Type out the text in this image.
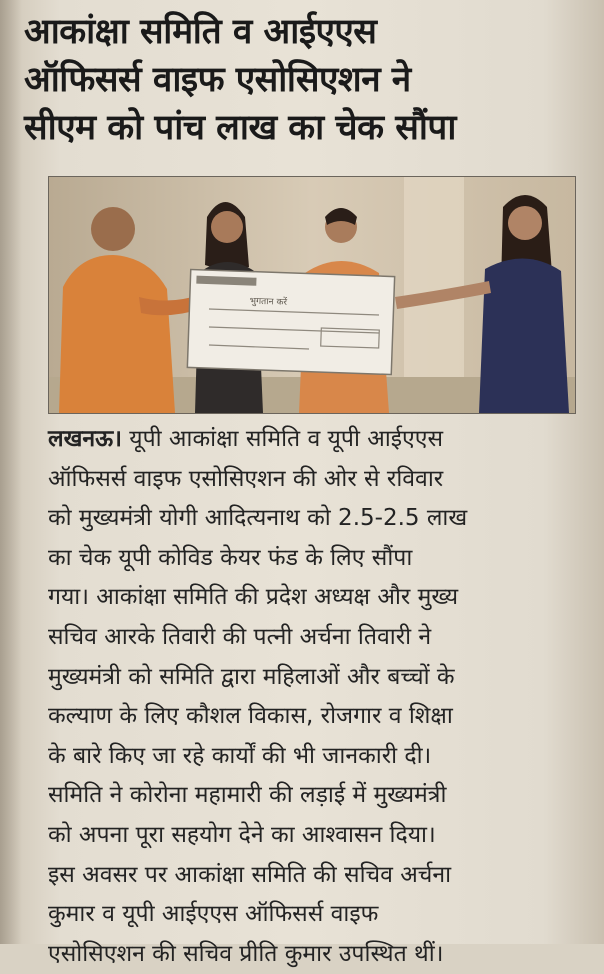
आकांक्षा समिति व आईएएस
ऑफिसर्स वाइफ एसोसिएशन ने
सीएम को पांच लाख का चेक सौंपा
भुगतान करें
लखनऊ। यूपी आकांक्षा समिति व यूपी आईएएस
ऑफिसर्स वाइफ एसोसिएशन की ओर से रविवार
को मुख्यमंत्री योगी आदित्यनाथ को 2.5-2.5 लाख
का चेक यूपी कोविड केयर फंड के लिए सौंपा
गया। आकांक्षा समिति की प्रदेश अध्यक्ष और मुख्य
सचिव आरके तिवारी की पत्नी अर्चना तिवारी ने
मुख्यमंत्री को समिति द्वारा महिलाओं और बच्चों के
कल्याण के लिए कौशल विकास, रोजगार व शिक्षा
के बारे किए जा रहे कार्यों की भी जानकारी दी।
समिति ने कोरोना महामारी की लड़ाई में मुख्यमंत्री
को अपना पूरा सहयोग देने का आश्वासन दिया।
इस अवसर पर आकांक्षा समिति की सचिव अर्चना
कुमार व यूपी आईएएस ऑफिसर्स वाइफ
एसोसिएशन की सचिव प्रीति कुमार उपस्थित थीं।
